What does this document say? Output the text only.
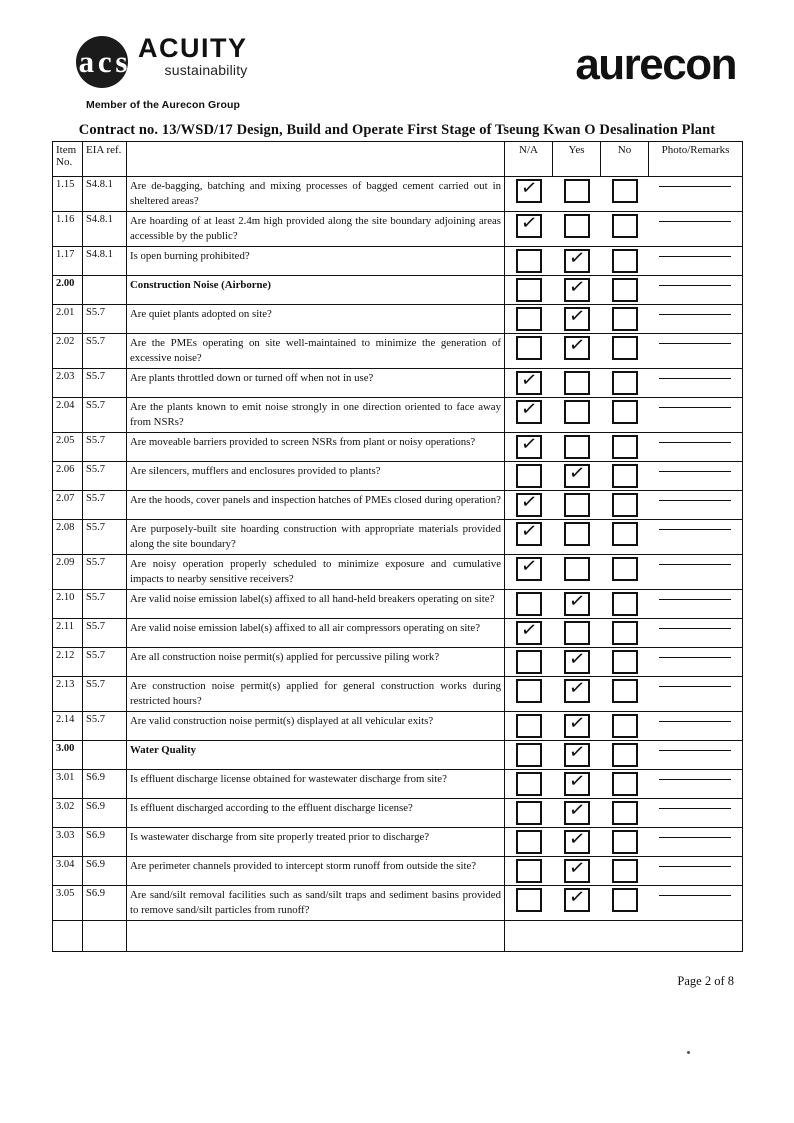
a c s ACUITY
sustainability
Member of the Aurecon Group
aurecon
Contract no. 13/WSD/17 Design, Build and Operate First Stage of Tseung Kwan O Desalination Plant
Item
No.	EIA ref.		N/A	Yes	No	Photo/Remarks
1.15	S4.8.1	Are de-bagging, batching and mixing processes of bagged cement carried out in sheltered areas?	✓			

1.16	S4.8.1	Are hoarding of at least 2.4m high provided along the site boundary adjoining areas accessible by the public?	✓			

1.17	S4.8.1	Is open burning prohibited?		✓		

2.00		Construction Noise (Airborne)		✓		

2.01	S5.7	Are quiet plants adopted on site?		✓		

2.02	S5.7	Are the PMEs operating on site well-maintained to minimize the generation of excessive noise?		✓		

2.03	S5.7	Are plants throttled down or turned off when not in use?	✓			

2.04	S5.7	Are the plants known to emit noise strongly in one direction oriented to face away from NSRs?	✓			

2.05	S5.7	Are moveable barriers provided to screen NSRs from plant or noisy operations?	✓			

2.06	S5.7	Are silencers, mufflers and enclosures provided to plants?		✓		

2.07	S5.7	Are the hoods, cover panels and inspection hatches of PMEs closed during operation?	✓			

2.08	S5.7	Are purposely-built site hoarding construction with appropriate materials provided along the site boundary?	✓			

2.09	S5.7	Are noisy operation properly scheduled to minimize exposure and cumulative impacts to nearby sensitive receivers?	✓			

2.10	S5.7	Are valid noise emission label(s) affixed to all hand-held breakers operating on site?		✓		

2.11	S5.7	Are valid noise emission label(s) affixed to all air compressors operating on site?	✓			

2.12	S5.7	Are all construction noise permit(s) applied for percussive piling work?		✓		

2.13	S5.7	Are construction noise permit(s) applied for general construction works during restricted hours?		✓		

2.14	S5.7	Are valid construction noise permit(s) displayed at all vehicular exits?		✓		

3.00		Water Quality		✓		

3.01	S6.9	Is effluent discharge license obtained for wastewater discharge from site?		✓		

3.02	S6.9	Is effluent discharged according to the effluent discharge license?		✓		

3.03	S6.9	Is wastewater discharge from site properly treated prior to discharge?		✓		

3.04	S6.9	Are perimeter channels provided to intercept storm runoff from outside the site?		✓		

3.05	S6.9	Are sand/silt removal facilities such as sand/silt traps and sediment basins provided to remove sand/silt particles from runoff?		✓		

Page 2 of 8
